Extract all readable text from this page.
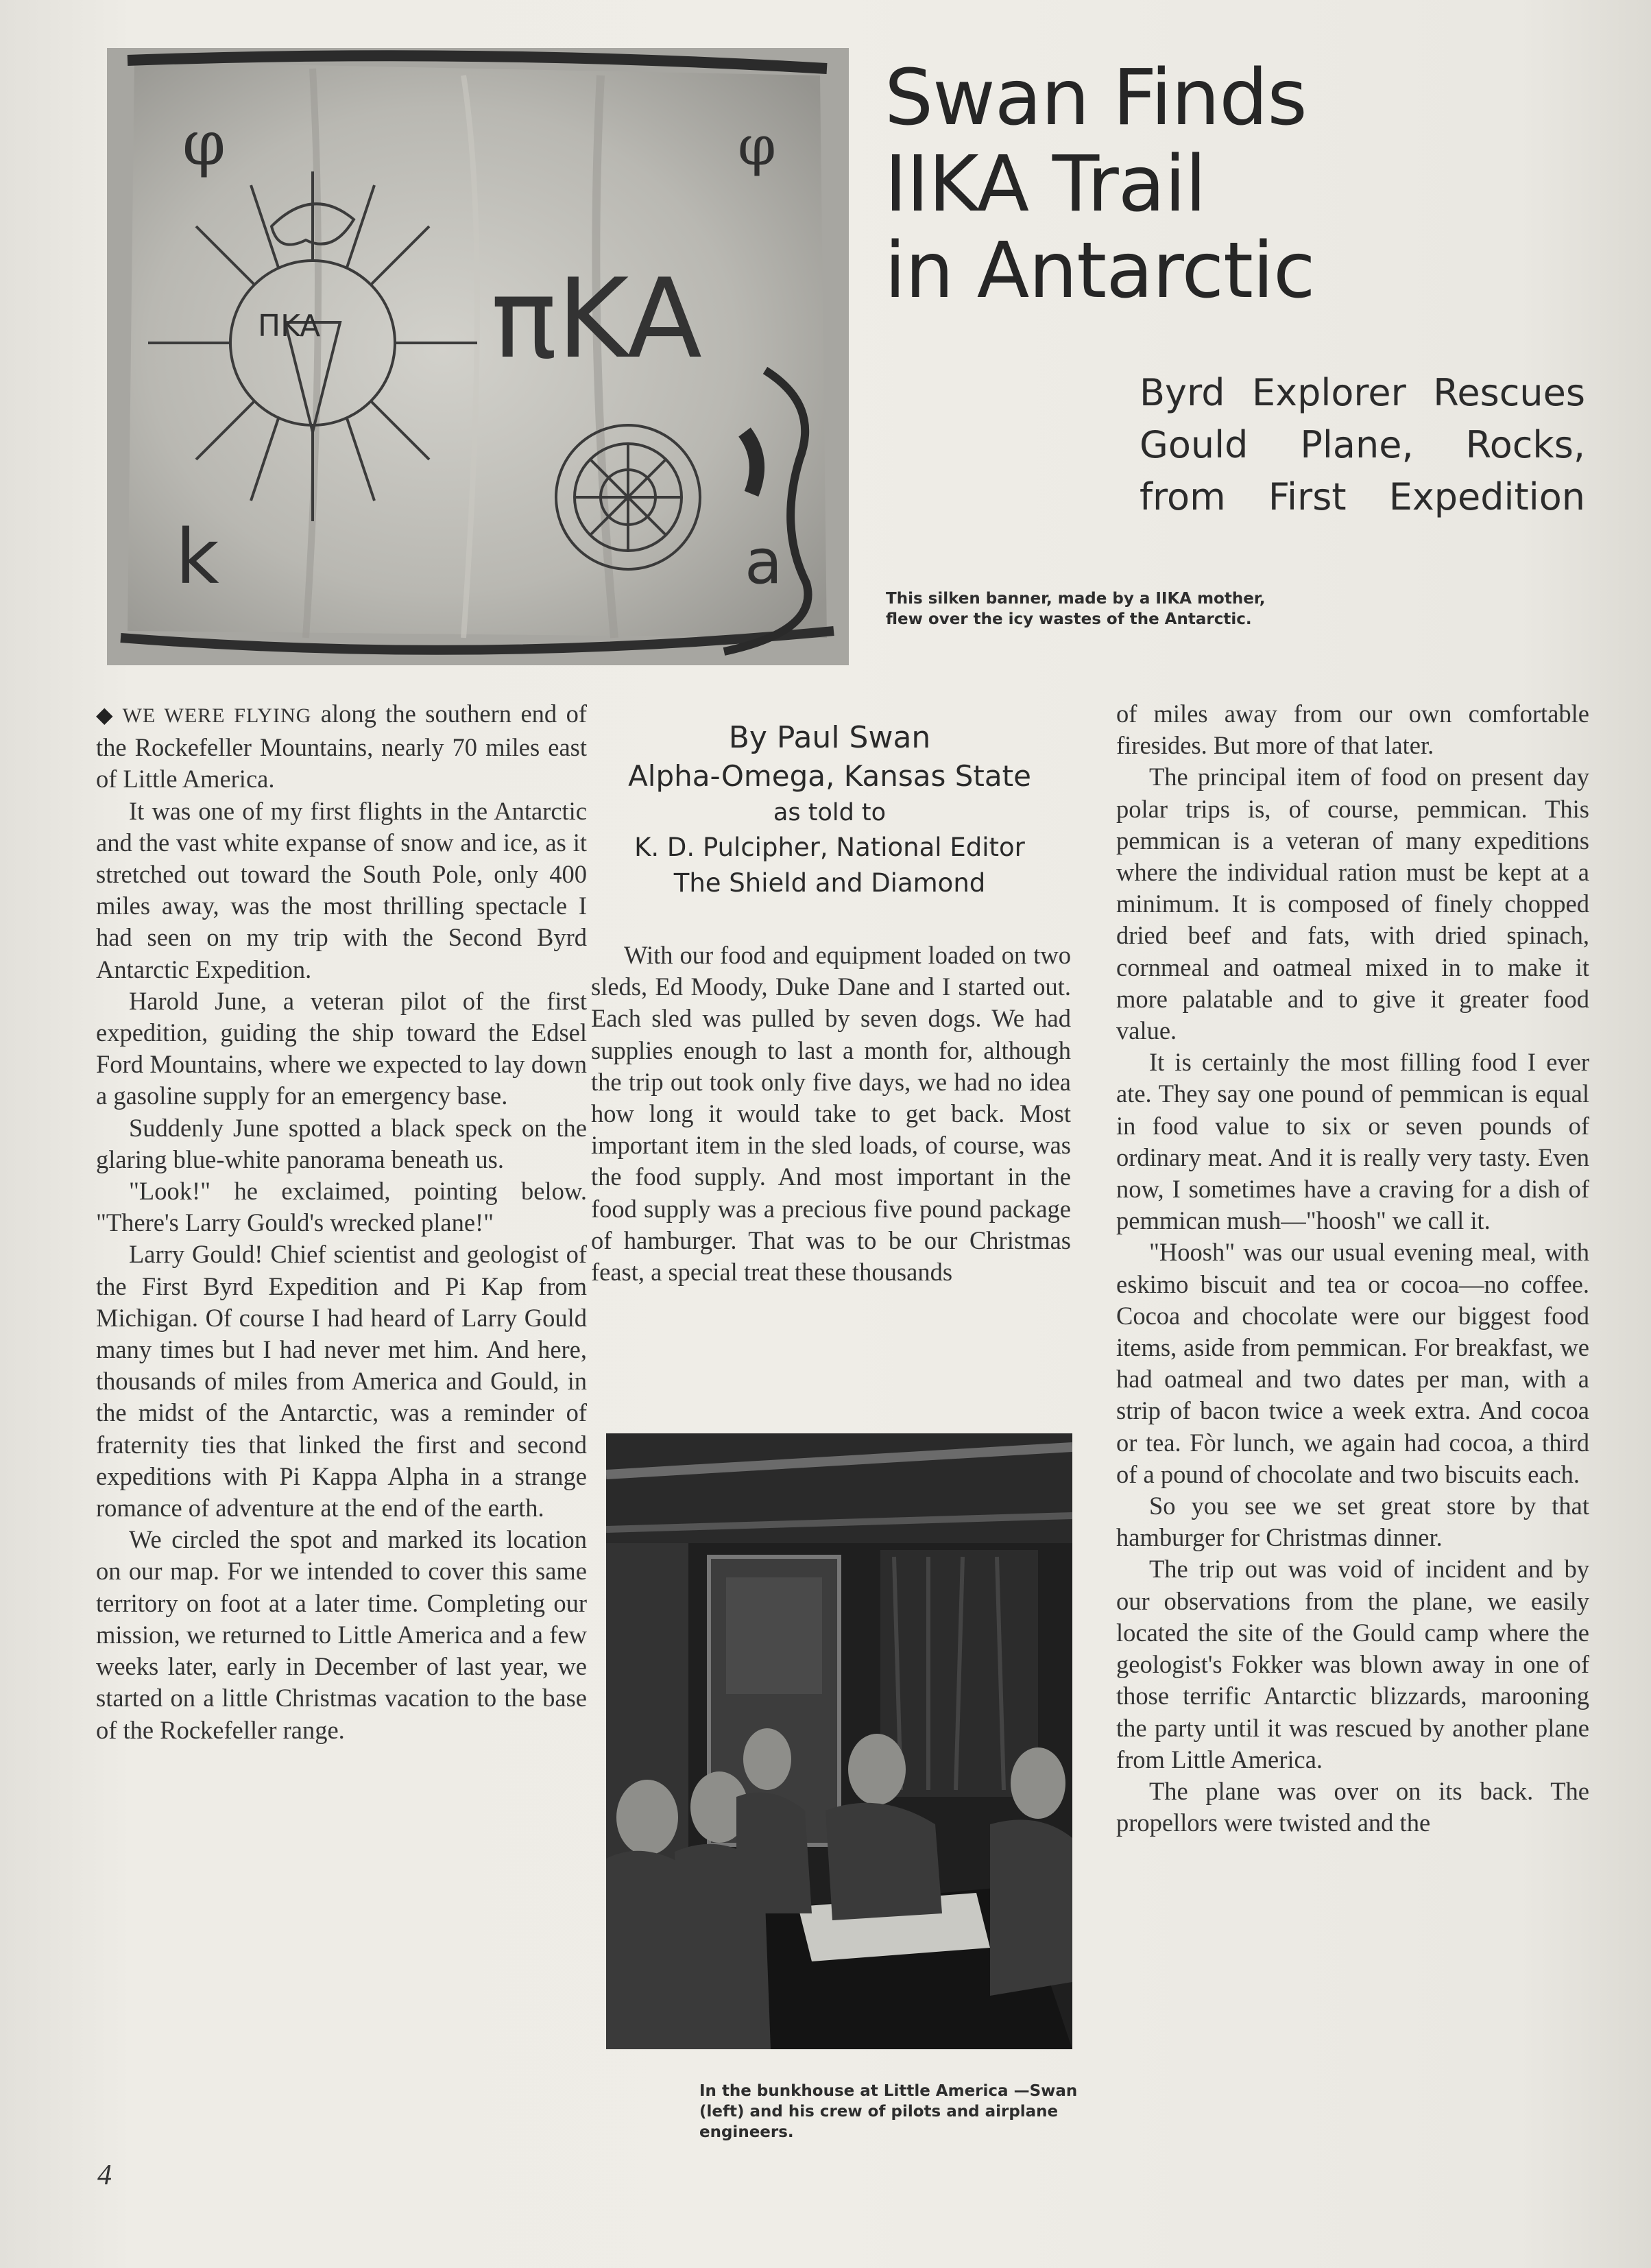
ΠKA
φ	φ
πKA
k	a
Swan Finds
IIKA Trail
in Antarctic
Byrd Explorer Rescues
Gould Plane, Rocks,
from First Expedition
This silken banner, made by a IIKA mother, flew over the icy wastes of the Antarctic.

◆ WE WERE FLYING along the southern end of the Rockefeller Mountains, nearly 70 miles east of Little America.

It was one of my first flights in the Antarctic and the vast white expanse of snow and ice, as it stretched out toward the South Pole, only 400 miles away, was the most thrilling spectacle I had seen on my trip with the Second Byrd Antarctic Expedition.

Harold June, a veteran pilot of the first expedition, guiding the ship toward the Edsel Ford Mountains, where we expected to lay down a gasoline supply for an emergency base.

Suddenly June spotted a black speck on the glaring blue-white panorama beneath us.

"Look!" he exclaimed, pointing below. "There's Larry Gould's wrecked plane!"

Larry Gould! Chief scientist and geologist of the First Byrd Expedition and Pi Kap from Michigan. Of course I had heard of Larry Gould many times but I had never met him. And here, thousands of miles from America and Gould, in the midst of the Antarctic, was a reminder of fraternity ties that linked the first and second expeditions with Pi Kappa Alpha in a strange romance of adventure at the end of the earth.

We circled the spot and marked its location on our map. For we intended to cover this same territory on foot at a later time. Completing our mission, we returned to Little America and a few weeks later, early in December of last year, we started on a little Christmas vacation to the base of the Rockefeller range.

By Paul Swan
Alpha-Omega, Kansas State
as told to
K. D. Pulcipher, National Editor
The Shield and Diamond

With our food and equipment loaded on two sleds, Ed Moody, Duke Dane and I started out. Each sled was pulled by seven dogs. We had supplies enough to last a month for, although the trip out took only five days, we had no idea how long it would take to get back. Most important item in the sled loads, of course, was the food supply. And most important in the food supply was a precious five pound package of hamburger. That was to be our Christmas feast, a special treat these thousands

In the bunkhouse at Little America —Swan (left) and his crew of pilots and airplane engineers.

of miles away from our own comfortable firesides. But more of that later.

The principal item of food on present day polar trips is, of course, pemmican. This pemmican is a veteran of many expeditions where the individual ration must be kept at a minimum. It is composed of finely chopped dried beef and fats, with dried spinach, cornmeal and oatmeal mixed in to make it more palatable and to give it greater food value.

It is certainly the most filling food I ever ate. They say one pound of pemmican is equal in food value to six or seven pounds of ordinary meat. And it is really very tasty. Even now, I sometimes have a craving for a dish of pemmican mush—"hoosh" we call it.

"Hoosh" was our usual evening meal, with eskimo biscuit and tea or cocoa—no coffee. Cocoa and chocolate were our biggest food items, aside from pemmican. For breakfast, we had oatmeal and two dates per man, with a strip of bacon twice a week extra. And cocoa or tea. Fòr lunch, we again had cocoa, a third of a pound of chocolate and two biscuits each.

So you see we set great store by that hamburger for Christmas dinner.

The trip out was void of incident and by our observations from the plane, we easily located the site of the Gould camp where the geologist's Fokker was blown away in one of those terrific Antarctic blizzards, marooning the party until it was rescued by another plane from Little America.

The plane was over on its back. The propellors were twisted and the

4
